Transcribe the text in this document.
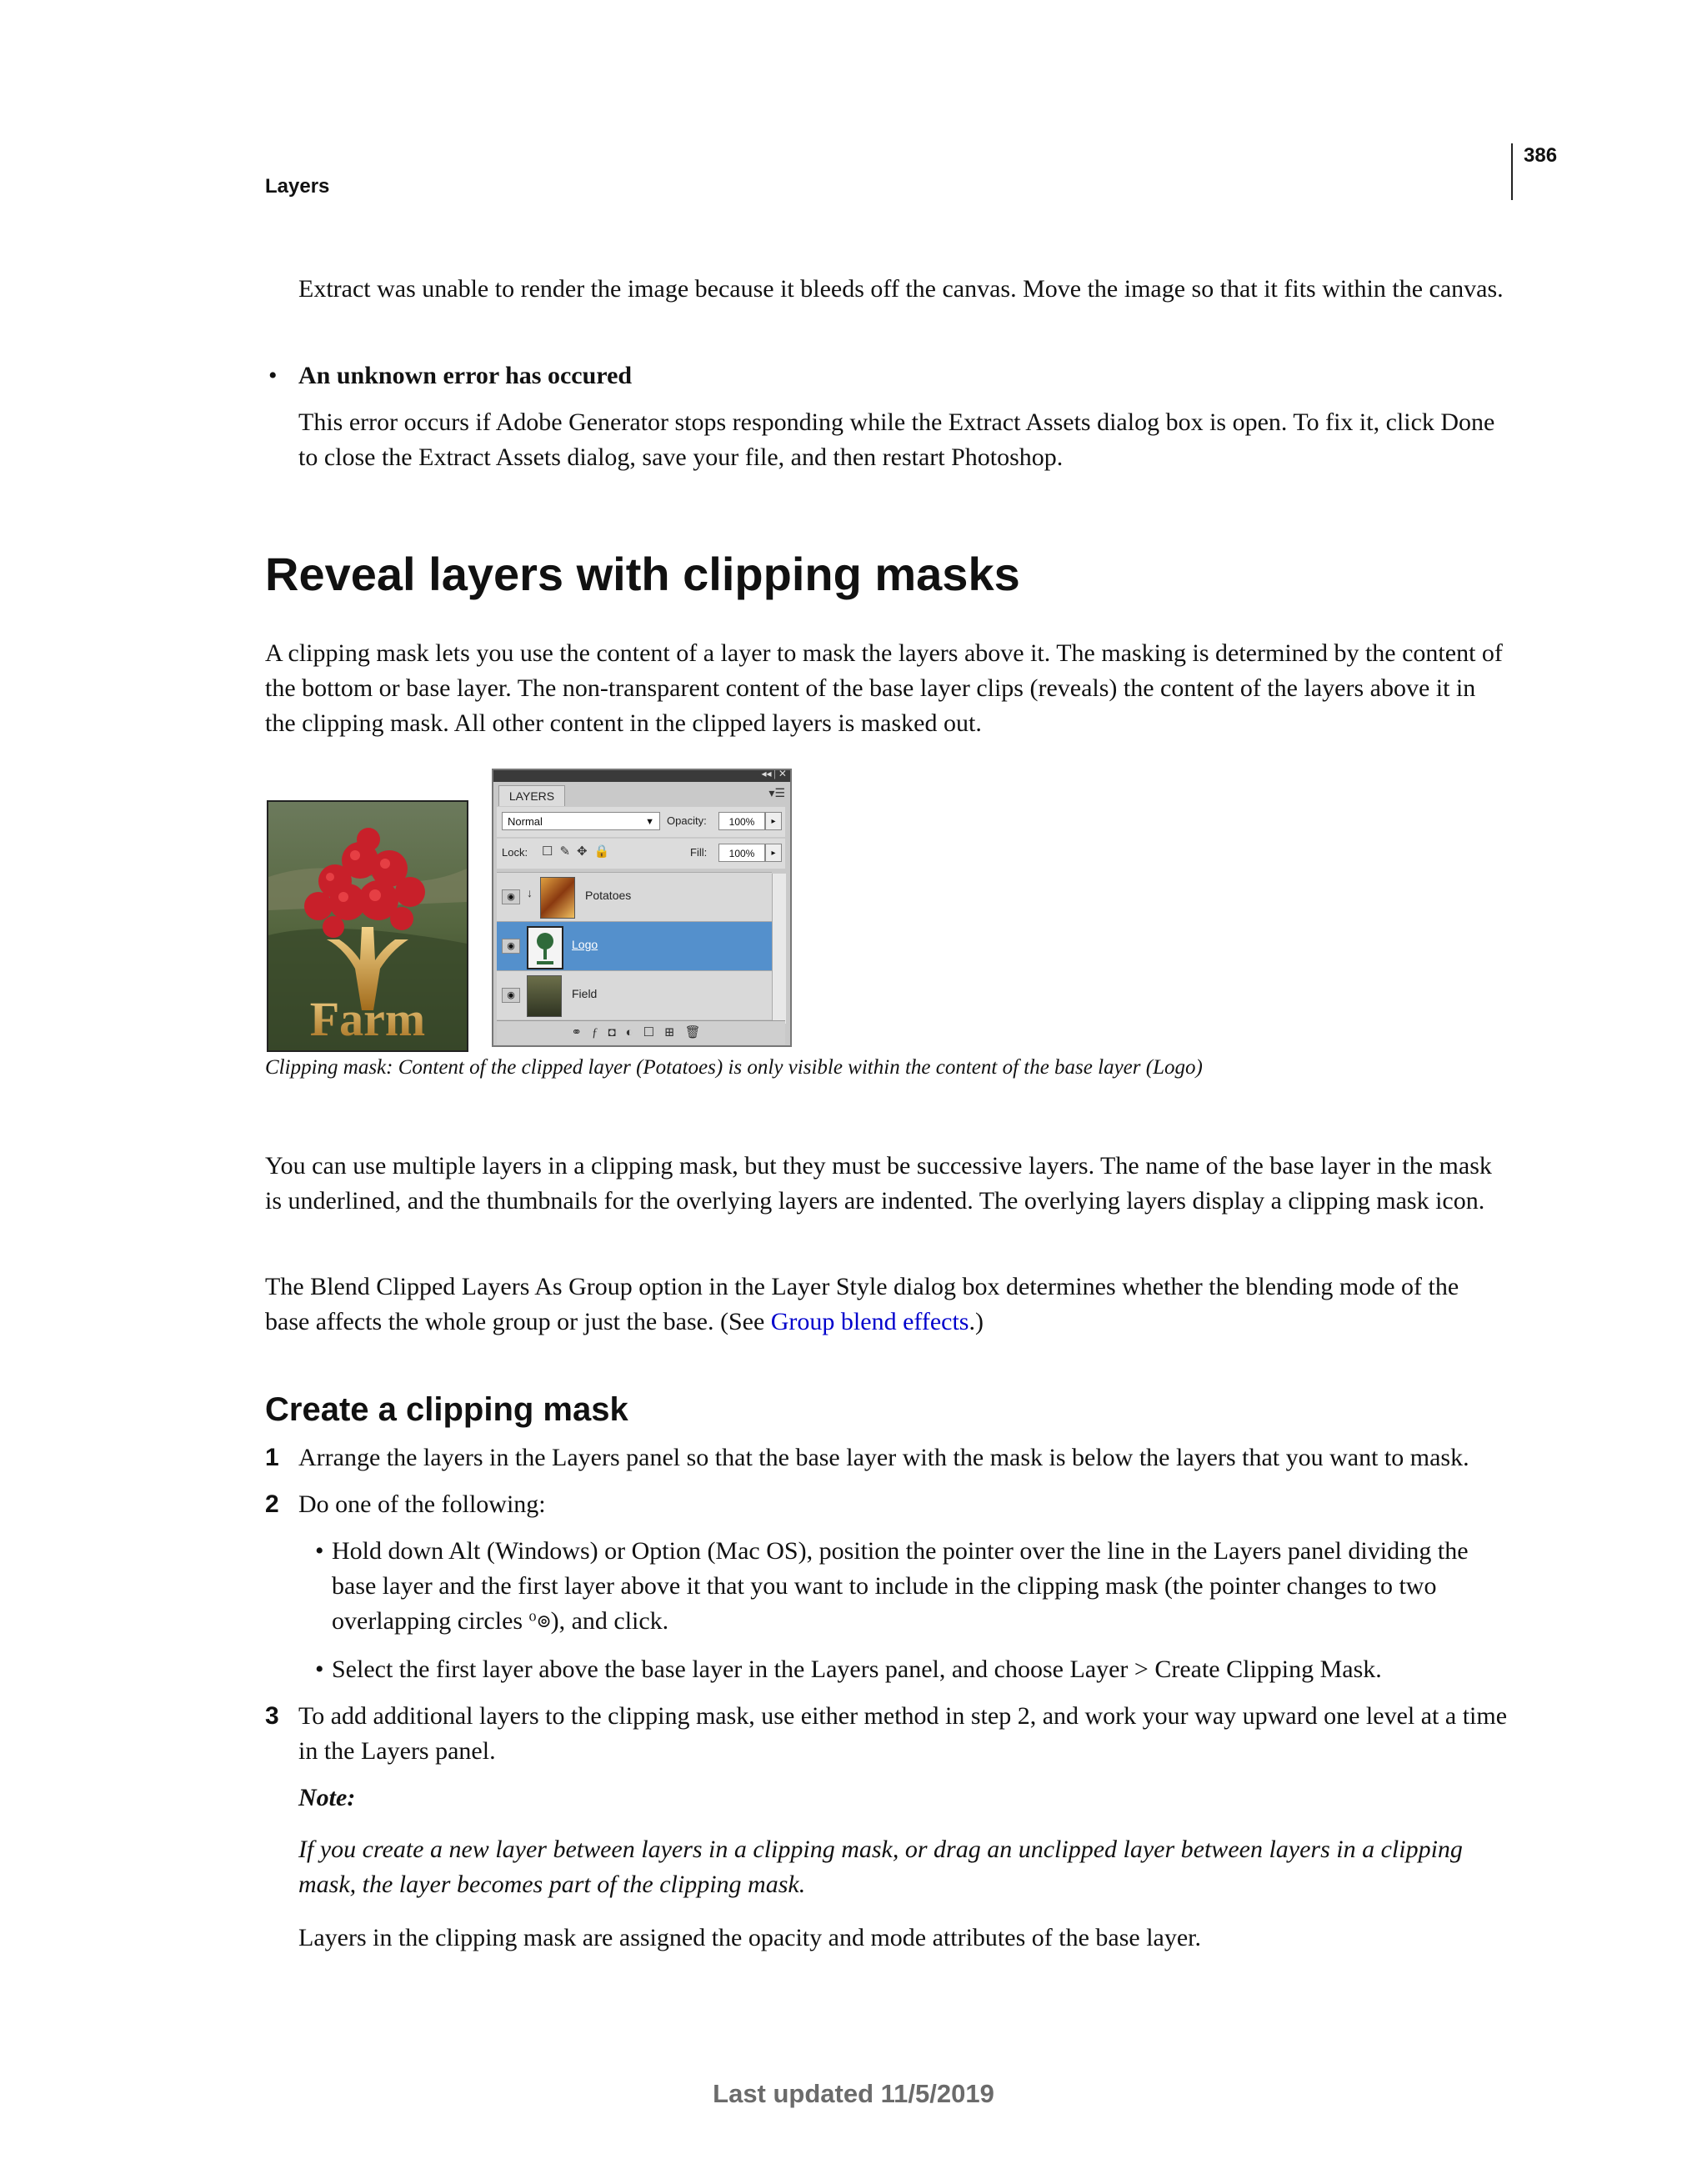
Layers
386
Extract was unable to render the image because it bleeds off the canvas. Move the image so that it fits within the canvas.
• An unknown error has occured
This error occurs if Adobe Generator stops responding while the Extract Assets dialog box is open. To fix it, click Done to close the Extract Assets dialog, save your file, and then restart Photoshop.
Reveal layers with clipping masks
A clipping mask lets you use the content of a layer to mask the layers above it. The masking is determined by the content of the bottom or base layer. The non-transparent content of the base layer clips (reveals) the content of the layers above it in the clipping mask. All other content in the clipped layers is masked out.
Farm
◂◂ | ✕
LAYERS	▾☰
Normal	▼ Opacity:	100%	▸
Lock:	Fill:	100%	▸
☐✎✥🔒
◉	↓	Potatoes
◉	Logo
◉	Field
⚭ƒ◘◐☐⊞🗑
Clipping mask: Content of the clipped layer (Potatoes) is only visible within the content of the base layer (Logo)
You can use multiple layers in a clipping mask, but they must be successive layers. The name of the base layer in the mask is underlined, and the thumbnails for the overlying layers are indented. The overlying layers display a clipping mask icon.
The Blend Clipped Layers As Group option in the Layer Style dialog box determines whether the blending mode of the base affects the whole group or just the base. (See Group blend effects.)
Create a clipping mask
1 Arrange the layers in the Layers panel so that the base layer with the mask is below the layers that you want to mask.
2 Do one of the following:
• Hold down Alt (Windows) or Option (Mac OS), position the pointer over the line in the Layers panel dividing the base layer and the first layer above it that you want to include in the clipping mask (the pointer changes to two overlapping circles ⁰⊚), and click.
• Select the first layer above the base layer in the Layers panel, and choose Layer > Create Clipping Mask.
3 To add additional layers to the clipping mask, use either method in step 2, and work your way upward one level at a time in the Layers panel.
Note:
If you create a new layer between layers in a clipping mask, or drag an unclipped layer between layers in a clipping mask, the layer becomes part of the clipping mask.
Layers in the clipping mask are assigned the opacity and mode attributes of the base layer.
Last updated 11/5/2019
